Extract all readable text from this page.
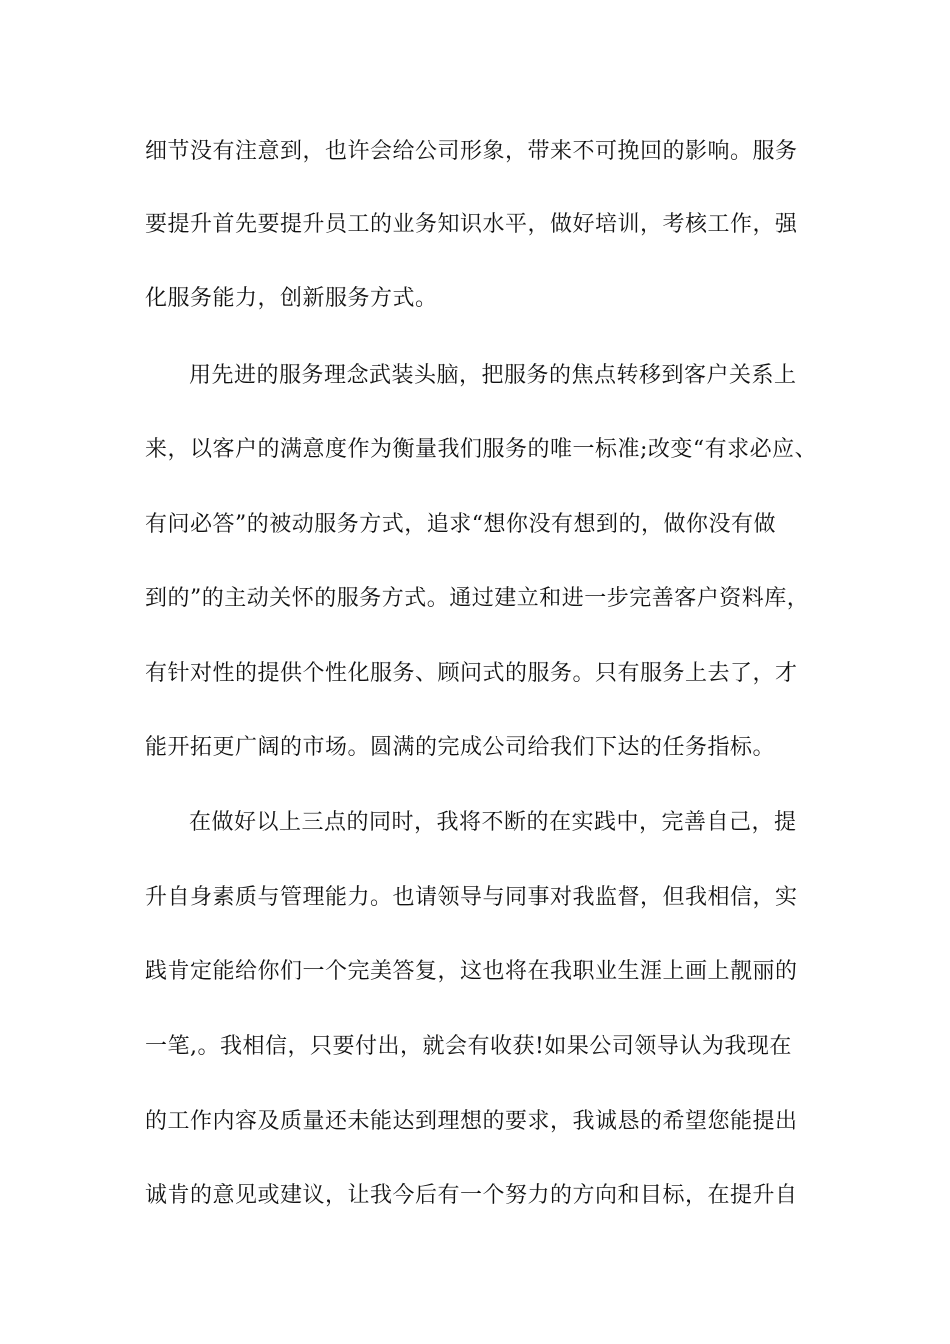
细节没有注意到，也许会给公司形象，带来不可挽回的影响。服务
要提升首先要提升员工的业务知识水平，做好培训，考核工作，强
化服务能力，创新服务方式。
用先进的服务理念武装头脑，把服务的焦点转移到客户关系上
来，以客户的满意度作为衡量我们服务的唯一标准;改变“有求必应、
有问必答”的被动服务方式，追求“想你没有想到的，做你没有做
到的”的主动关怀的服务方式。通过建立和进一步完善客户资料库，
有针对性的提供个性化服务、顾问式的服务。只有服务上去了，才
能开拓更广阔的市场。圆满的完成公司给我们下达的任务指标。
在做好以上三点的同时，我将不断的在实践中，完善自己，提
升自身素质与管理能力。也请领导与同事对我监督，但我相信，实
践肯定能给你们一个完美答复，这也将在我职业生涯上画上靓丽的
一笔,。我相信，只要付出，就会有收获!如果公司领导认为我现在
的工作内容及质量还未能达到理想的要求，我诚恳的希望您能提出
诚肯的意见或建议，让我今后有一个努力的方向和目标，在提升自
